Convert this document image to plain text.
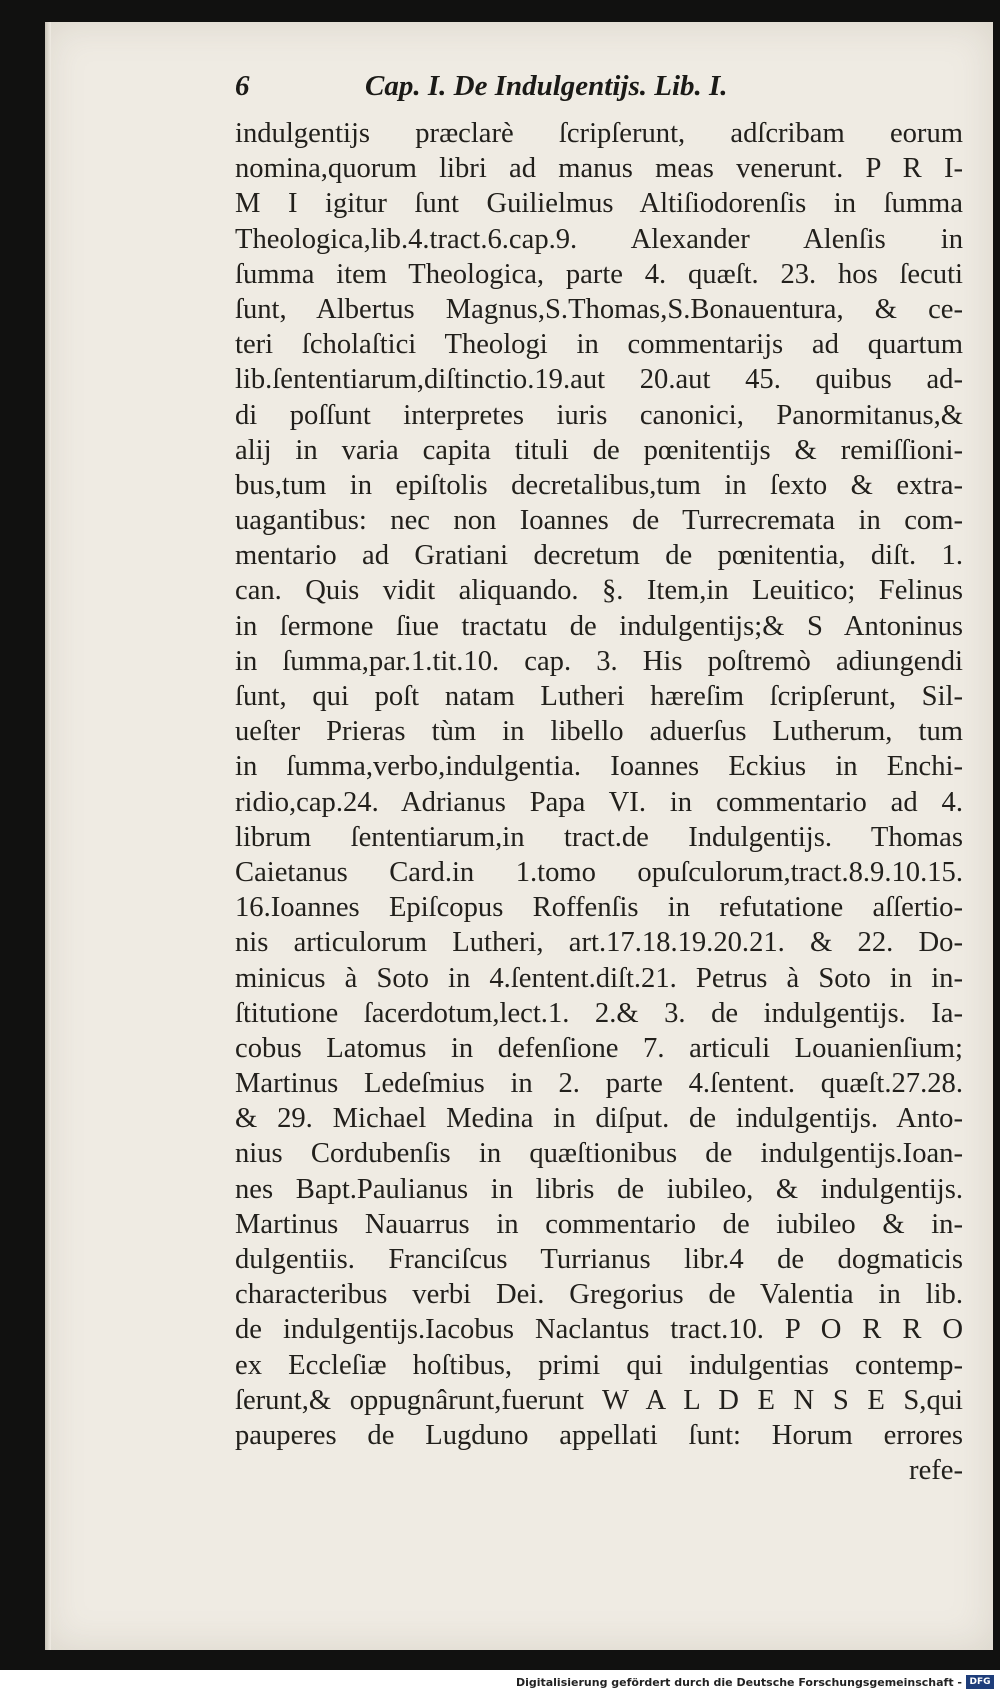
6	Cap. I. De Indulgentijs. Lib. I.
indulgentijs præclarè ſcripſerunt, adſcribam eorum
nomina,quorum libri ad manus meas venerunt. P R I-
M I igitur ſunt Guilielmus Altiſiodorenſis in ſumma
Theologica,lib.4.tract.6.cap.9. Alexander Alenſis in
ſumma item Theologica, parte 4. quæſt. 23. hos ſecuti
ſunt, Albertus Magnus,S.Thomas,S.Bonauentura, & ce-
teri ſcholaſtici Theologi in commentarijs ad quartum
lib.ſententiarum,diſtinctio.19.aut 20.aut 45. quibus ad-
di poſſunt interpretes iuris canonici, Panormitanus,&
alij in varia capita tituli de pœnitentijs & remiſſioni-
bus,tum in epiſtolis decretalibus,tum in ſexto & extra-
uagantibus: nec non Ioannes de Turrecremata in com-
mentario ad Gratiani decretum de pœnitentia, diſt. 1.
can. Quis vidit aliquando. §. Item,in Leuitico; Felinus
in ſermone ſiue tractatu de indulgentijs;& S Antoninus
in ſumma,par.1.tit.10. cap. 3. His poſtremò adiungendi
ſunt, qui poſt natam Lutheri hæreſim ſcripſerunt, Sil-
ueſter Prieras tùm in libello aduerſus Lutherum, tum
in ſumma,verbo,indulgentia. Ioannes Eckius in Enchi-
ridio,cap.24. Adrianus Papa VI. in commentario ad 4.
librum ſententiarum,in tract.de Indulgentijs. Thomas
Caietanus Card.in 1.tomo opuſculorum,tract.8.9.10.15.
16.Ioannes Epiſcopus Roffenſis in refutatione aſſertio-
nis articulorum Lutheri, art.17.18.19.20.21. & 22. Do-
minicus à Soto in 4.ſentent.diſt.21. Petrus à Soto in in-
ſtitutione ſacerdotum,lect.1. 2.& 3. de indulgentijs. Ia-
cobus Latomus in defenſione 7. articuli Louanienſium;
Martinus Ledeſmius in 2. parte 4.ſentent. quæſt.27.28.
& 29. Michael Medina in diſput. de indulgentijs. Anto-
nius Cordubenſis in quæſtionibus de indulgentijs.Ioan-
nes Bapt.Paulianus in libris de iubileo, & indulgentijs.
Martinus Nauarrus in commentario de iubileo & in-
dulgentiis. Franciſcus Turrianus libr.4 de dogmaticis
characteribus verbi Dei. Gregorius de Valentia in lib.
de indulgentijs.Iacobus Naclantus tract.10. P O R R O
ex Eccleſiæ hoſtibus, primi qui indulgentias contemp-
ſerunt,& oppugnârunt,fuerunt W A L D E N S E S,qui
pauperes de Lugduno appellati ſunt: Horum errores
refe-
Digitalisierung gefördert durch die Deutsche Forschungsgemeinschaft - DFG
